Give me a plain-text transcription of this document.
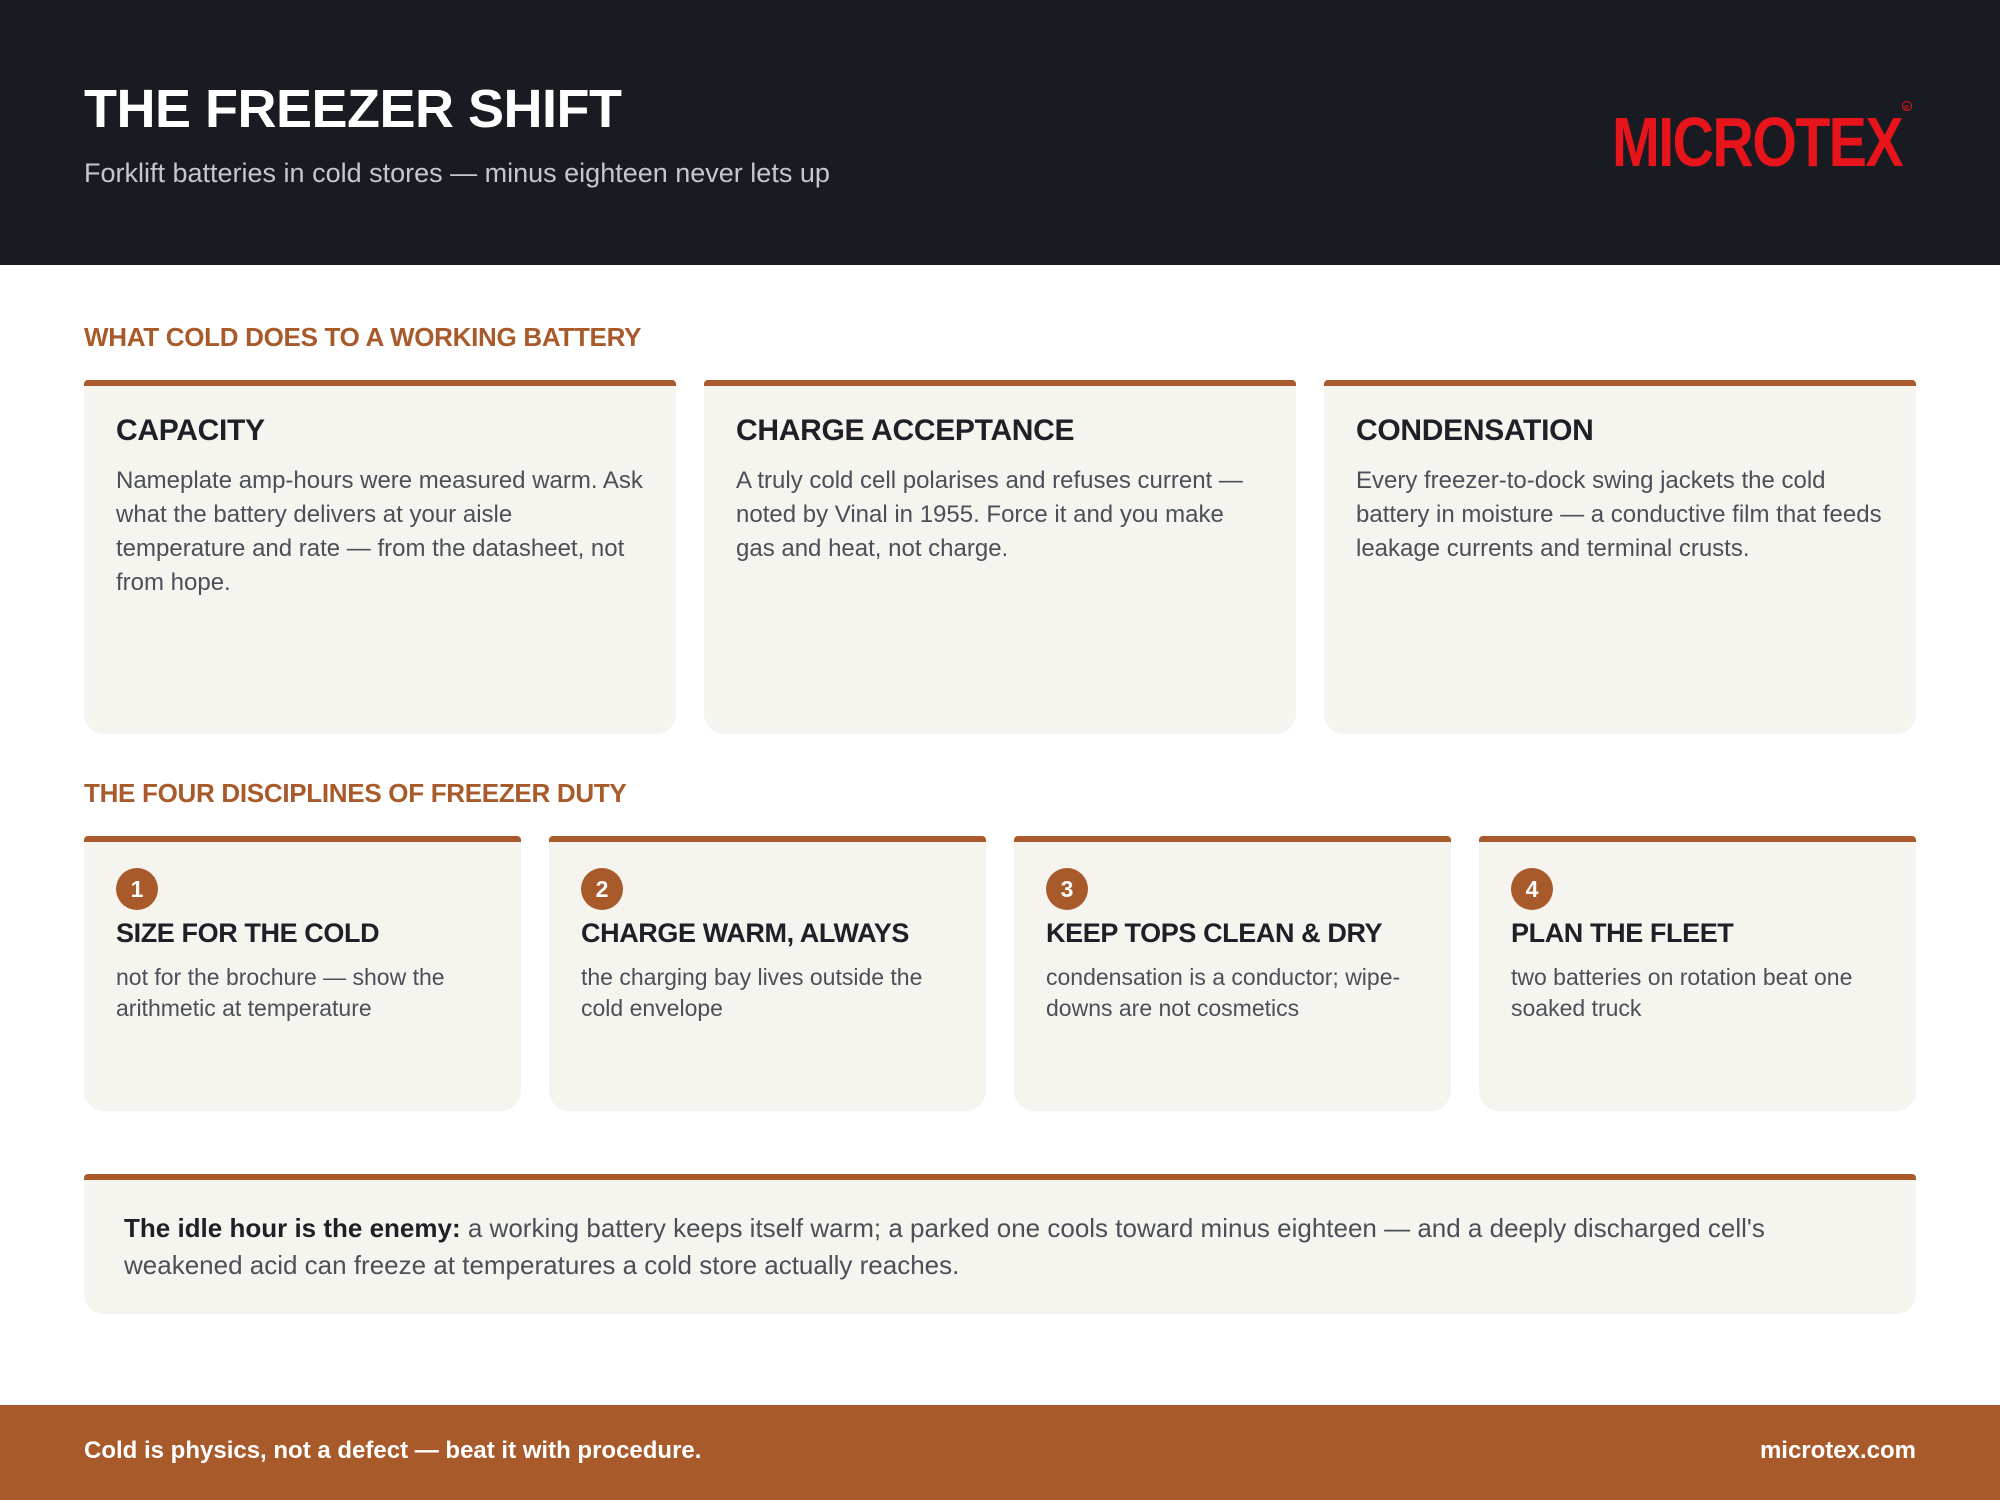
THE FREEZER SHIFT

Forklift batteries in cold stores — minus eighteen never lets up	MICROTEX R
WHAT COLD DOES TO A WORKING BATTERY
CAPACITY

Nameplate amp-hours were measured warm. Ask what the battery delivers at your aisle temperature and rate — from the datasheet, not from hope.

CHARGE ACCEPTANCE

A truly cold cell polarises and refuses current — noted by Vinal in 1955. Force it and you make gas and heat, not charge.

CONDENSATION

Every freezer-to-dock swing jackets the cold battery in moisture — a conductive film that feeds leakage currents and terminal crusts.

THE FOUR DISCIPLINES OF FREEZER DUTY
1
SIZE FOR THE COLD

not for the brochure — show the arithmetic at temperature

2
CHARGE WARM, ALWAYS

the charging bay lives outside the cold envelope

3
KEEP TOPS CLEAN & DRY

condensation is a conductor; wipe-downs are not cosmetics

4
PLAN THE FLEET

two batteries on rotation beat one soaked truck

The idle hour is the enemy: a working battery keeps itself warm; a parked one cools toward minus eighteen — and a deeply discharged cell's weakened acid can freeze at temperatures a cold store actually reaches.

Cold is physics, not a defect — beat it with procedure.	microtex.com
